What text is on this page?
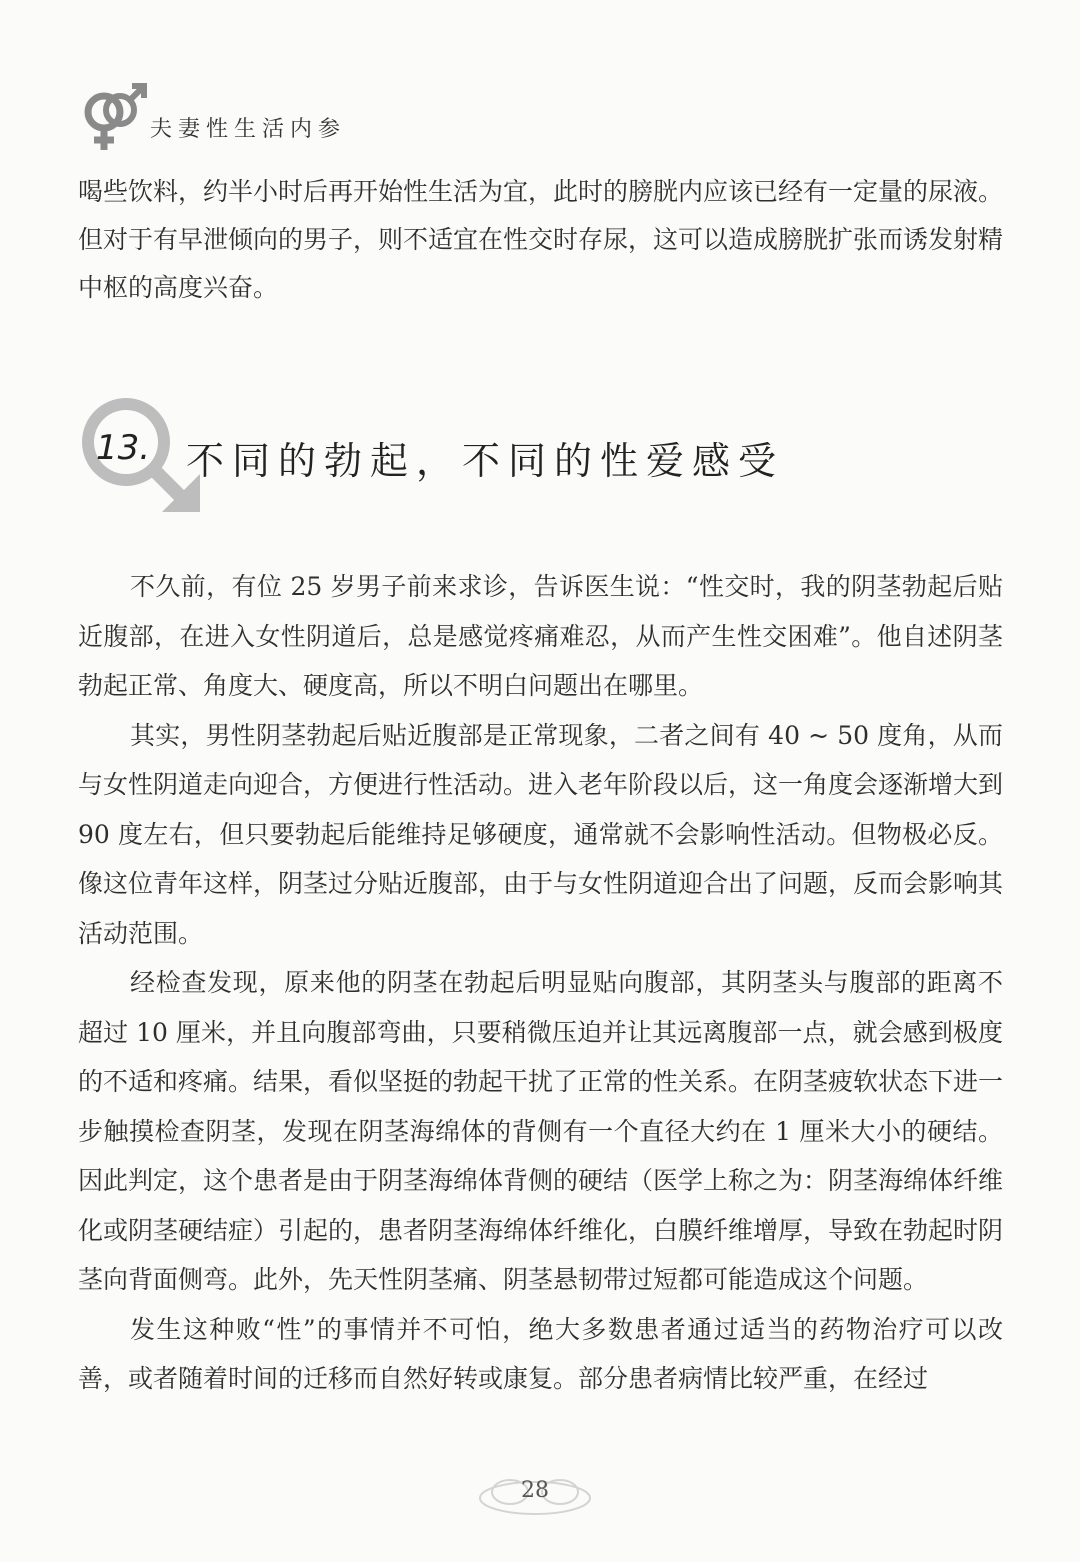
夫妻性生活内参

喝些饮料，约半小时后再开始性生活为宜，此时的膀胱内应该已经有一定量的尿液。但对于有早泄倾向的男子，则不适宜在性交时存尿，这可以造成膀胱扩张而诱发射精中枢的高度兴奋。

13. 不同的勃起，不同的性爱感受

不久前，有位 25 岁男子前来求诊，告诉医生说：“性交时，我的阴茎勃起后贴近腹部，在进入女性阴道后，总是感觉疼痛难忍，从而产生性交困难”。他自述阴茎勃起正常、角度大、硬度高，所以不明白问题出在哪里。

其实，男性阴茎勃起后贴近腹部是正常现象，二者之间有 40 ~ 50 度角，从而与女性阴道走向迎合，方便进行性活动。进入老年阶段以后，这一角度会逐渐增大到 90 度左右，但只要勃起后能维持足够硬度，通常就不会影响性活动。但物极必反。像这位青年这样，阴茎过分贴近腹部，由于与女性阴道迎合出了问题，反而会影响其活动范围。

经检查发现，原来他的阴茎在勃起后明显贴向腹部，其阴茎头与腹部的距离不超过 10 厘米，并且向腹部弯曲，只要稍微压迫并让其远离腹部一点，就会感到极度的不适和疼痛。结果，看似坚挺的勃起干扰了正常的性关系。在阴茎疲软状态下进一步触摸检查阴茎，发现在阴茎海绵体的背侧有一个直径大约在 1 厘米大小的硬结。因此判定，这个患者是由于阴茎海绵体背侧的硬结（医学上称之为：阴茎海绵体纤维化或阴茎硬结症）引起的，患者阴茎海绵体纤维化，白膜纤维增厚，导致在勃起时阴茎向背面侧弯。此外，先天性阴茎痛、阴茎悬韧带过短都可能造成这个问题。

发生这种败“性”的事情并不可怕，绝大多数患者通过适当的药物治疗可以改善，或者随着时间的迁移而自然好转或康复。部分患者病情比较严重，在经过

28
